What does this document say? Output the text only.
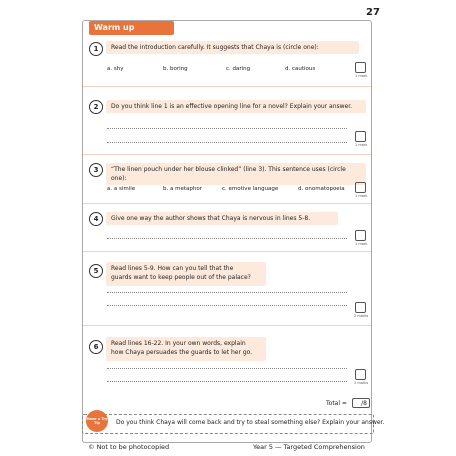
27
Warm up
1	Read the introduction carefully. It suggests that Chaya is (circle one):
a. shy	b. boring	c. daring	d. cautious
1 mark
2	Do you think line 1 is an effective opening line for a novel? Explain your answer.
1 mark
3	“The linen pouch under her blouse clinked” (line 3). This sentence uses (circle one):
a. a simile	b. a metaphor	c. emotive language	d. onomatopoeia
1 mark
4	Give one way the author shows that Chaya is nervous in lines 5-8.
1 mark
5	Read lines 5-9. How can you tell that the
guards want to keep people out of the palace?
2 marks
6	Read lines 16-22. In your own words, explain
how Chaya persuades the guards to let her go.
2 marks
Total =	/8
Have a Try Tip	Do you think Chaya will come back and try to steal something else? Explain your answer.
© Not to be photocopied	Year 5 — Targeted Comprehension
